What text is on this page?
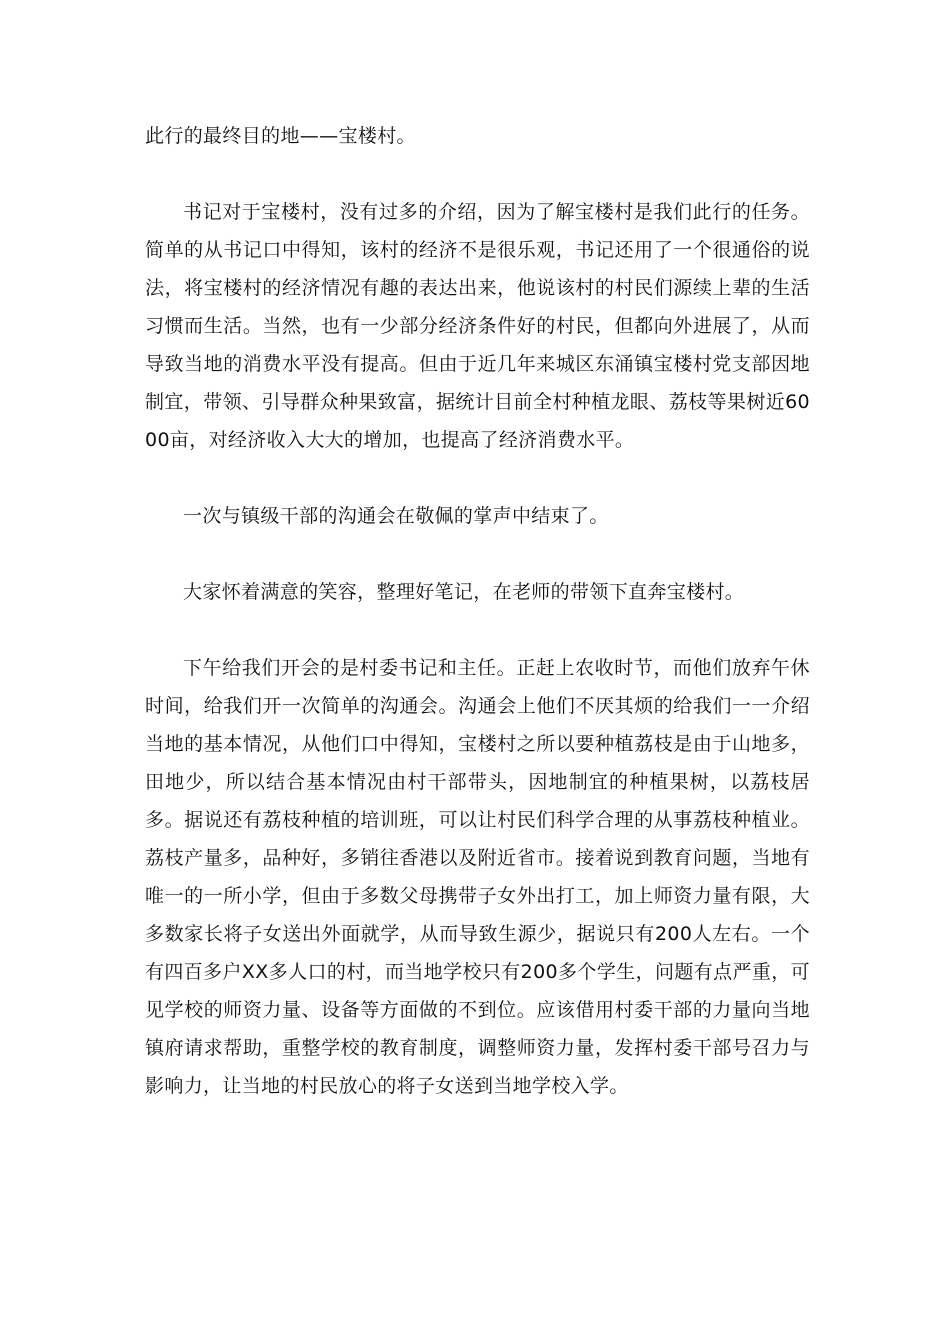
此行的最终目的地——宝楼村。

书记对于宝楼村，没有过多的介绍，因为了解宝楼村是我们此行的任务。简单的从书记口中得知，该村的经济不是很乐观，书记还用了一个很通俗的说法，将宝楼村的经济情况有趣的表达出来，他说该村的村民们源续上辈的生活习惯而生活。当然，也有一少部分经济条件好的村民，但都向外进展了，从而导致当地的消费水平没有提高。但由于近几年来城区东涌镇宝楼村党支部因地制宜，带领、引导群众种果致富，据统计目前全村种植龙眼、荔枝等果树近6000亩，对经济收入大大的增加，也提高了经济消费水平。

一次与镇级干部的沟通会在敬佩的掌声中结束了。

大家怀着满意的笑容，整理好笔记，在老师的带领下直奔宝楼村。

下午给我们开会的是村委书记和主任。正赶上农收时节，而他们放弃午休时间，给我们开一次简单的沟通会。沟通会上他们不厌其烦的给我们一一介绍当地的基本情况，从他们口中得知，宝楼村之所以要种植荔枝是由于山地多，田地少，所以结合基本情况由村干部带头，因地制宜的种植果树，以荔枝居多。据说还有荔枝种植的培训班，可以让村民们科学合理的从事荔枝种植业。荔枝产量多，品种好，多销往香港以及附近省市。接着说到教育问题，当地有唯一的一所小学，但由于多数父母携带子女外出打工，加上师资力量有限，大多数家长将子女送出外面就学，从而导致生源少，据说只有200人左右。一个有四百多户XX多人口的村，而当地学校只有200多个学生，问题有点严重，可见学校的师资力量、设备等方面做的不到位。应该借用村委干部的力量向当地镇府请求帮助，重整学校的教育制度，调整师资力量，发挥村委干部号召力与影响力，让当地的村民放心的将子女送到当地学校入学。
